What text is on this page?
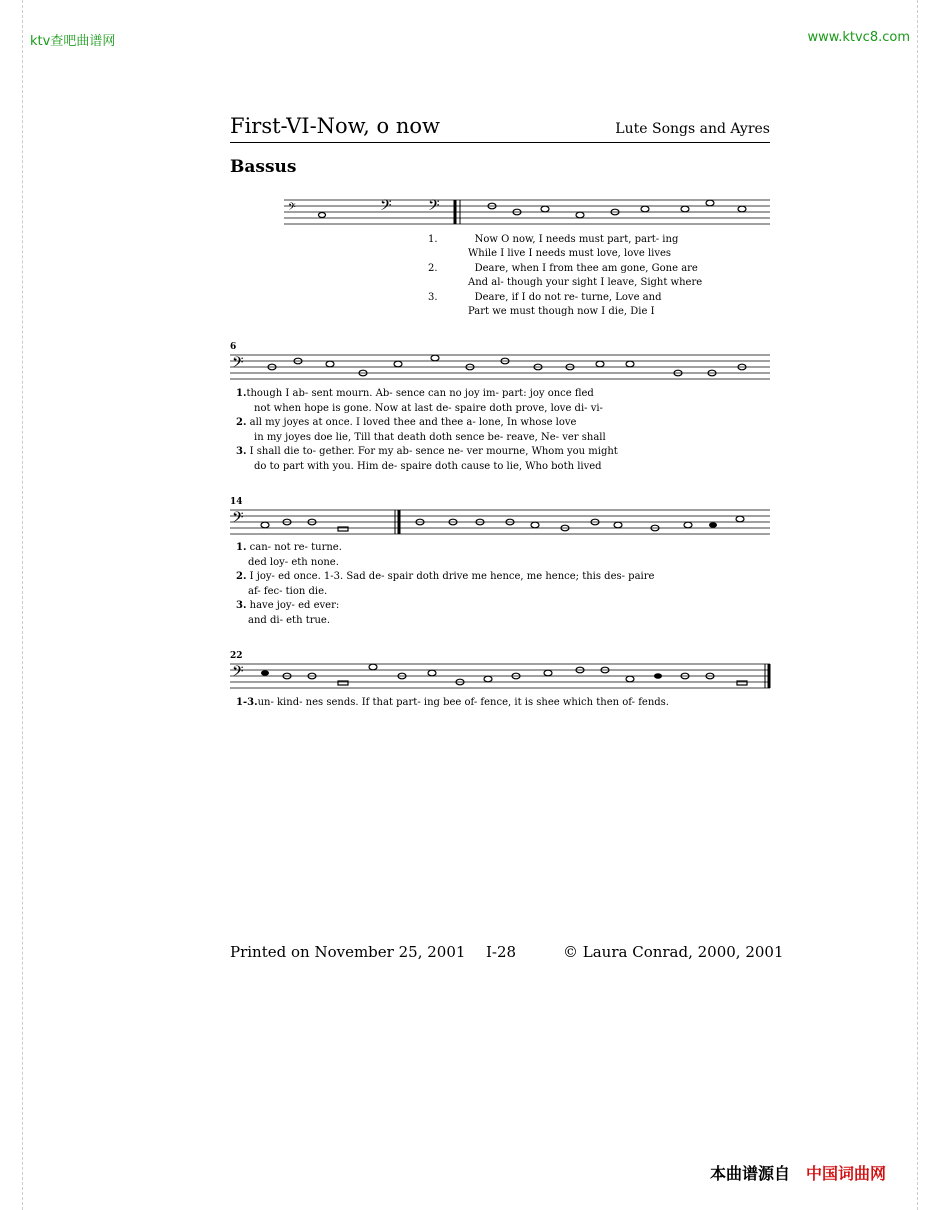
ktv查吧曲谱网	www.ktvc8.com
First-VI-Now, o now	Lute Songs and Ayres
Bassus
𝄢	𝄢 𝄢
1.	Now O now, I needs must part, part- ing
While I live I needs must love, love lives
2.	Deare, when I from thee am gone, Gone are
And al- though your sight I leave, Sight where
3.	Deare, if I do not re- turne, Love and
Part we must though now I die, Die I
6
𝄢
1.though I ab- sent mourn. Ab- sence can no joy im- part: joy once fled
not when hope is gone. Now at last de- spaire doth prove, love di- vi-
2. all my joyes at once. I loved thee and thee a- lone, In whose love
in my joyes doe lie, Till that death doth sence be- reave, Ne- ver shall
3. I shall die to- gether. For my ab- sence ne- ver mourne, Whom you might
do to part with you. Him de- spaire doth cause to lie, Who both lived
14
𝄢
1. can- not re- turne.
ded loy- eth none.
2. I joy- ed once. 1-3. Sad de- spair doth drive me hence, me hence; this des- paire
af- fec- tion die.
3. have joy- ed ever:
and di- eth true.
22
𝄢
1-3.un- kind- nes sends. If that part- ing bee of- fence, it is shee which then of- fends.
Printed on November 25, 2001 I-28	© Laura Conrad, 2000, 2001
本曲谱源自 中国词曲网
